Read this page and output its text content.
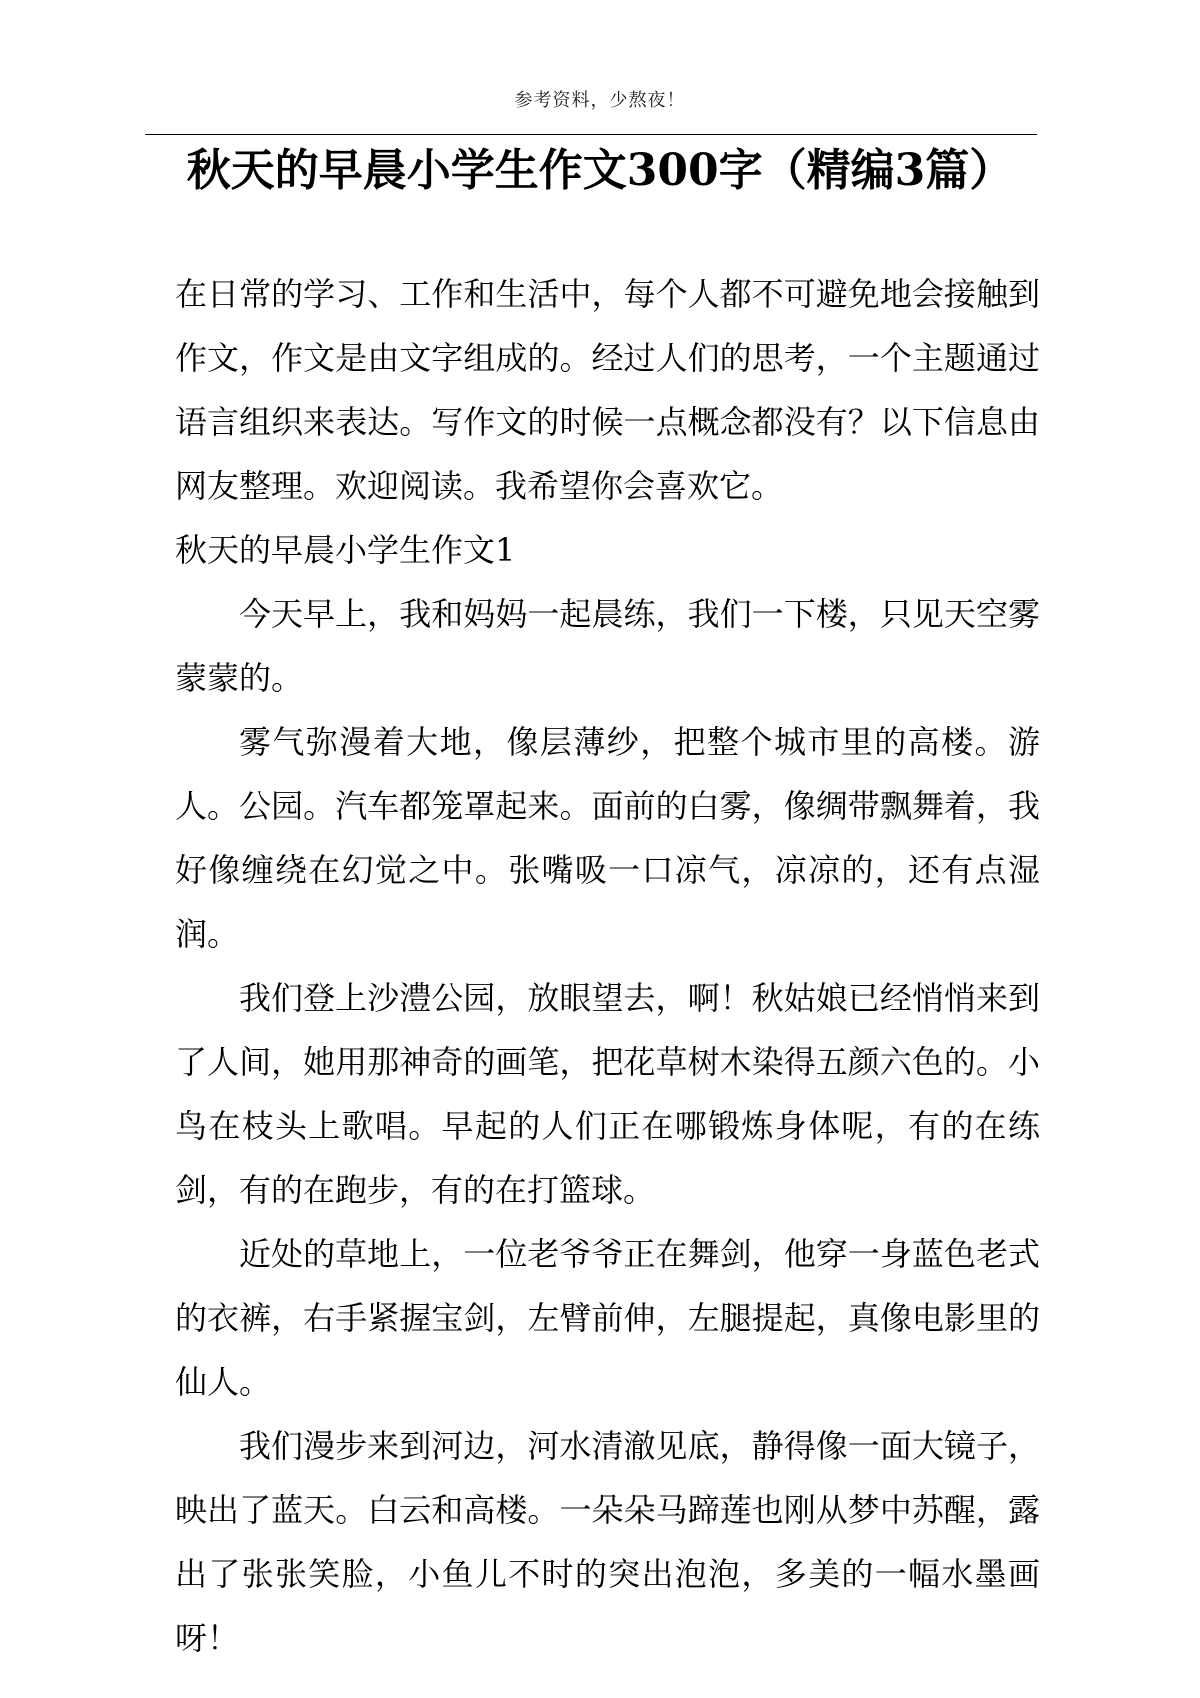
参考资料，少熬夜！
秋天的早晨小学生作文300字（精编3篇）

在日常的学习、工作和生活中，每个人都不可避免地会接触到作文，作文是由文字组成的。经过人们的思考，一个主题通过语言组织来表达。写作文的时候一点概念都没有？以下信息由网友整理。欢迎阅读。我希望你会喜欢它。

秋天的早晨小学生作文1

今天早上，我和妈妈一起晨练，我们一下楼，只见天空雾蒙蒙的。

雾气弥漫着大地，像层薄纱，把整个城市里的高楼。游人。公园。汽车都笼罩起来。面前的白雾，像绸带飘舞着，我好像缠绕在幻觉之中。张嘴吸一口凉气，凉凉的，还有点湿润。

我们登上沙澧公园，放眼望去，啊！秋姑娘已经悄悄来到了人间，她用那神奇的画笔，把花草树木染得五颜六色的。小鸟在枝头上歌唱。早起的人们正在哪锻炼身体呢，有的在练剑，有的在跑步，有的在打篮球。

近处的草地上，一位老爷爷正在舞剑，他穿一身蓝色老式的衣裤，右手紧握宝剑，左臂前伸，左腿提起，真像电影里的仙人。

我们漫步来到河边，河水清澈见底，静得像一面大镜子，映出了蓝天。白云和高楼。一朵朵马蹄莲也刚从梦中苏醒，露出了张张笑脸，小鱼儿不时的突出泡泡，多美的一幅水墨画呀！
